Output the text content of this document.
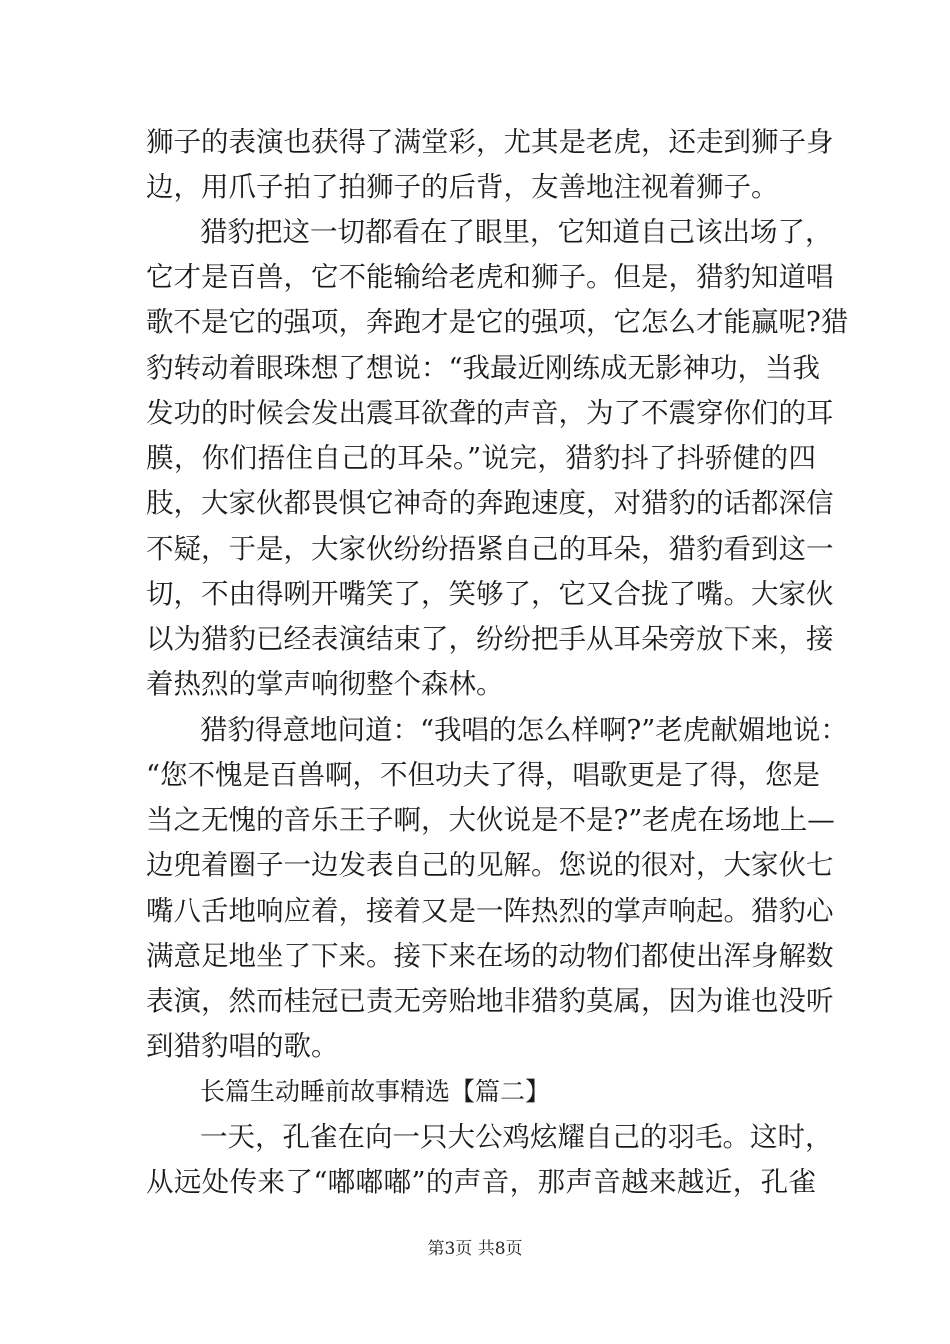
狮子的表演也获得了满堂彩，尤其是老虎，还走到狮子身
边，用爪子拍了拍狮子的后背，友善地注视着狮子。
猎豹把这一切都看在了眼里，它知道自己该出场了，
它才是百兽，它不能输给老虎和狮子。但是，猎豹知道唱
歌不是它的强项，奔跑才是它的强项，它怎么才能赢呢?猎
豹转动着眼珠想了想说：“我最近刚练成无影神功，当我
发功的时候会发出震耳欲聋的声音，为了不震穿你们的耳
膜，你们捂住自己的耳朵。”说完，猎豹抖了抖骄健的四
肢，大家伙都畏惧它神奇的奔跑速度，对猎豹的话都深信
不疑，于是，大家伙纷纷捂紧自己的耳朵，猎豹看到这一
切，不由得咧开嘴笑了，笑够了，它又合拢了嘴。大家伙
以为猎豹已经表演结束了，纷纷把手从耳朵旁放下来，接
着热烈的掌声响彻整个森林。
猎豹得意地问道：“我唱的怎么样啊?”老虎献媚地说：
“您不愧是百兽啊，不但功夫了得，唱歌更是了得，您是
当之无愧的音乐王子啊，大伙说是不是?”老虎在场地上—
边兜着圈子一边发表自己的见解。您说的很对，大家伙七
嘴八舌地响应着，接着又是一阵热烈的掌声响起。猎豹心
满意足地坐了下来。接下来在场的动物们都使出浑身解数
表演，然而桂冠已责无旁贻地非猎豹莫属，因为谁也没听
到猎豹唱的歌。
长篇生动睡前故事精选【篇二】
一天，孔雀在向一只大公鸡炫耀自己的羽毛。这时，
从远处传来了“嘟嘟嘟”的声音，那声音越来越近，孔雀
第3页 共8页
